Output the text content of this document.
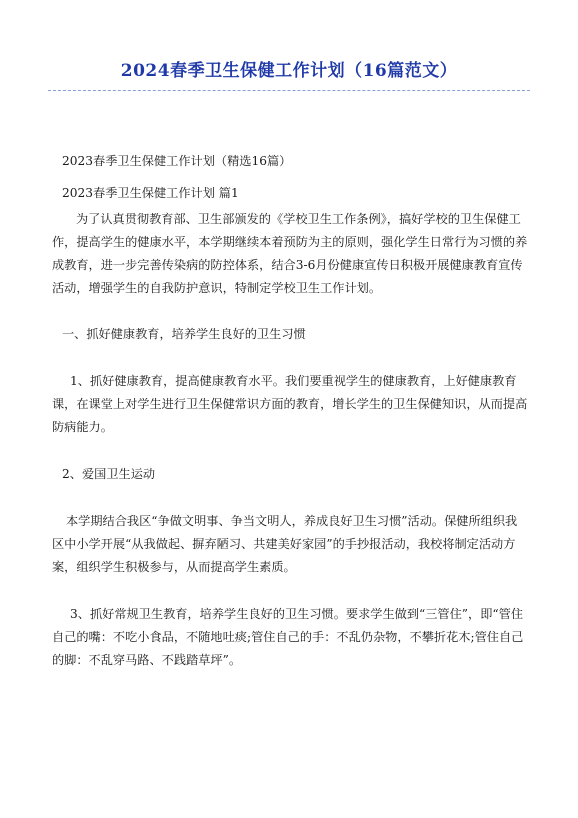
2024春季卫生保健工作计划（16篇范文）

2023春季卫生保健工作计划（精选16篇）

2023春季卫生保健工作计划 篇1

为了认真贯彻教育部、卫生部颁发的《学校卫生工作条例》，搞好学校的卫生保健工作，提高学生的健康水平，本学期继续本着预防为主的原则，强化学生日常行为习惯的养成教育，进一步完善传染病的防控体系，结合3-6月份健康宣传日积极开展健康教育宣传活动，增强学生的自我防护意识，特制定学校卫生工作计划。

一、抓好健康教育，培养学生良好的卫生习惯

1、抓好健康教育，提高健康教育水平。我们要重视学生的健康教育，上好健康教育课，在课堂上对学生进行卫生保健常识方面的教育，增长学生的卫生保健知识，从而提高防病能力。

2、爱国卫生运动

本学期结合我区“争做文明事、争当文明人，养成良好卫生习惯”活动。保健所组织我区中小学开展“从我做起、摒弃陋习、共建美好家园”的手抄报活动，我校将制定活动方案，组织学生积极参与，从而提高学生素质。

3、抓好常规卫生教育，培养学生良好的卫生习惯。要求学生做到“三管住”，即“管住自己的嘴：不吃小食品，不随地吐痰;管住自己的手：不乱仍杂物，不攀折花木;管住自己的脚：不乱穿马路、不践踏草坪”。
